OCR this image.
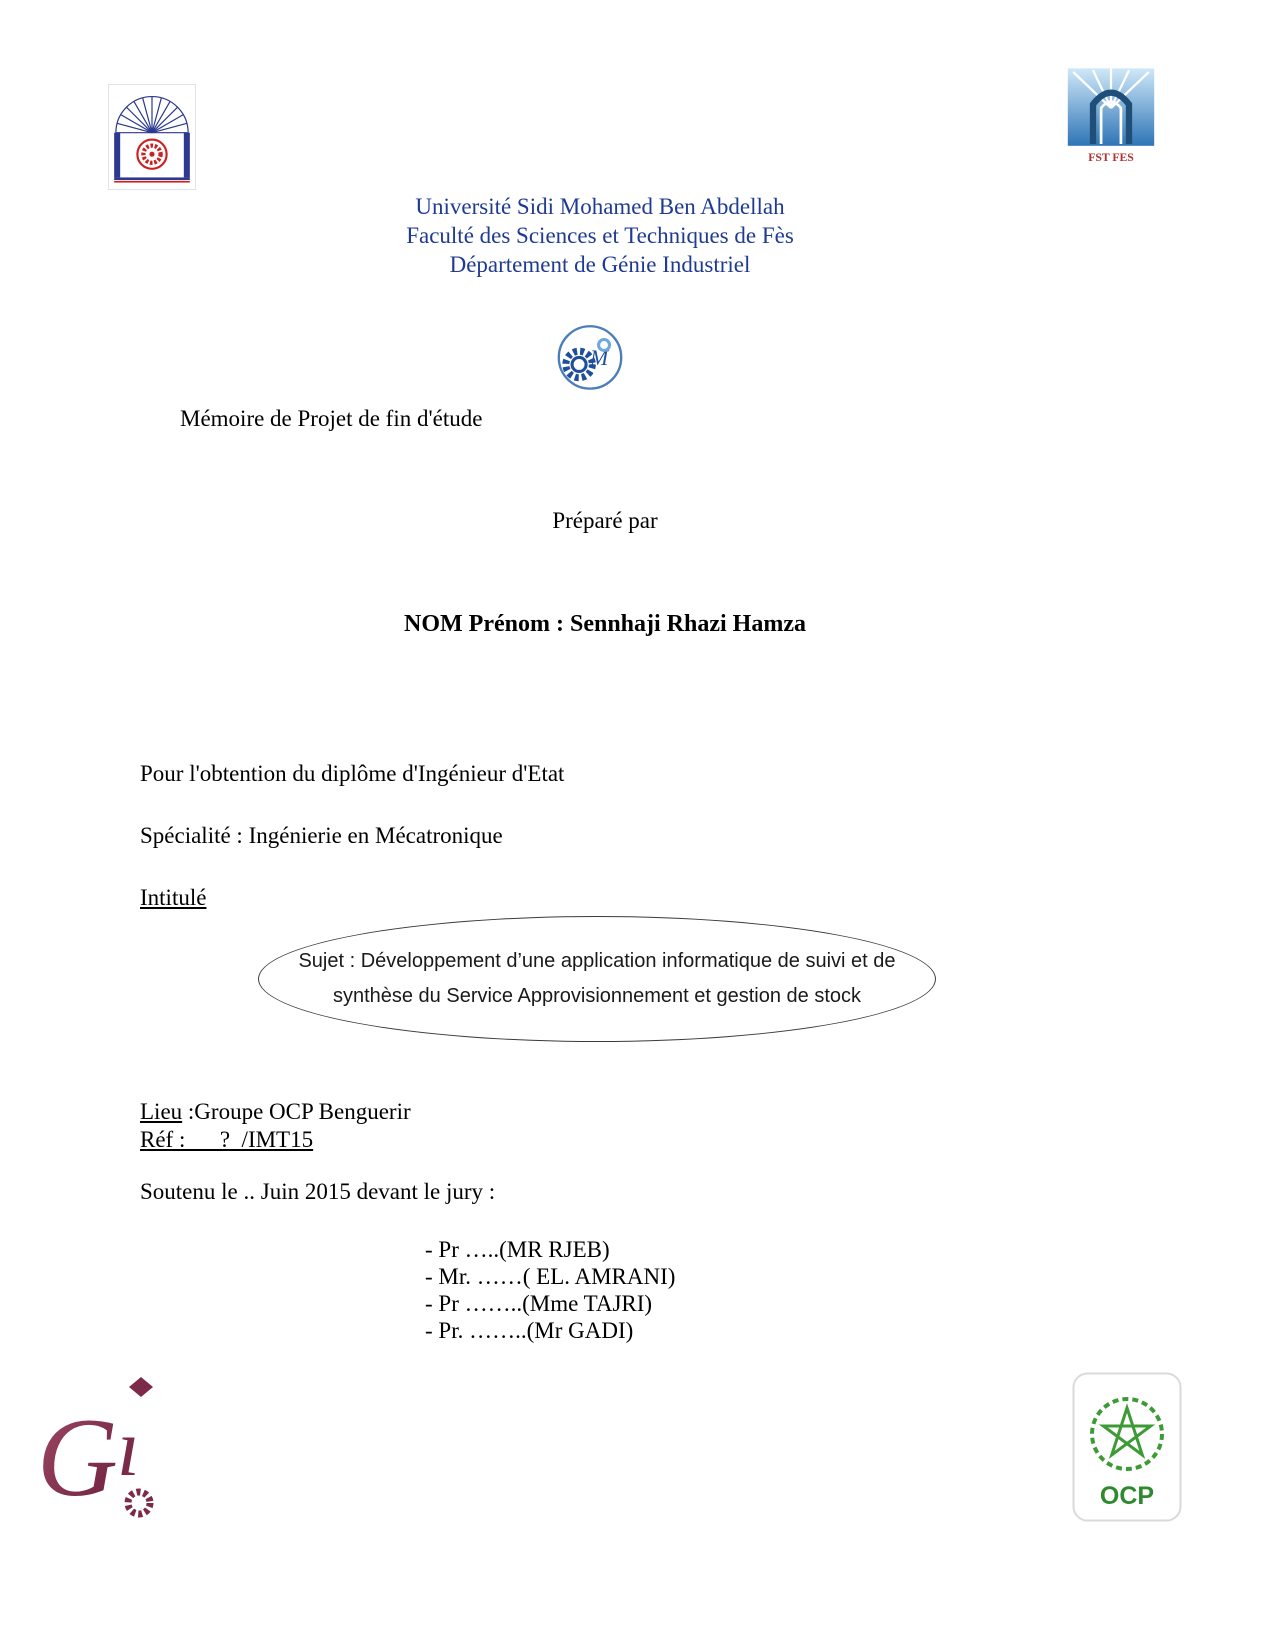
FST FES
Université Sidi Mohamed Ben Abdellah
Faculté des Sciences et Techniques de Fès
Département de Génie Industriel
M
Mémoire de Projet de fin d'étude
Préparé par
NOM Prénom : Sennhaji Rhazi Hamza
Pour l'obtention du diplôme d'Ingénieur d'Etat
Spécialité : Ingénierie en Mécatronique
Intitulé
Sujet : Développement d’une application informatique de suivi et de
synthèse du Service Approvisionnement et gestion de stock
Lieu :Groupe OCP Benguerir
Réf :      ?  /IMT15
Soutenu le .. Juin 2015 devant le jury :
- Pr …..(MR RJEB)
- Mr. ……( EL. AMRANI)
- Pr ……..(Mme TAJRI)
- Pr. ……..(Mr GADI)
G ı
OCP
